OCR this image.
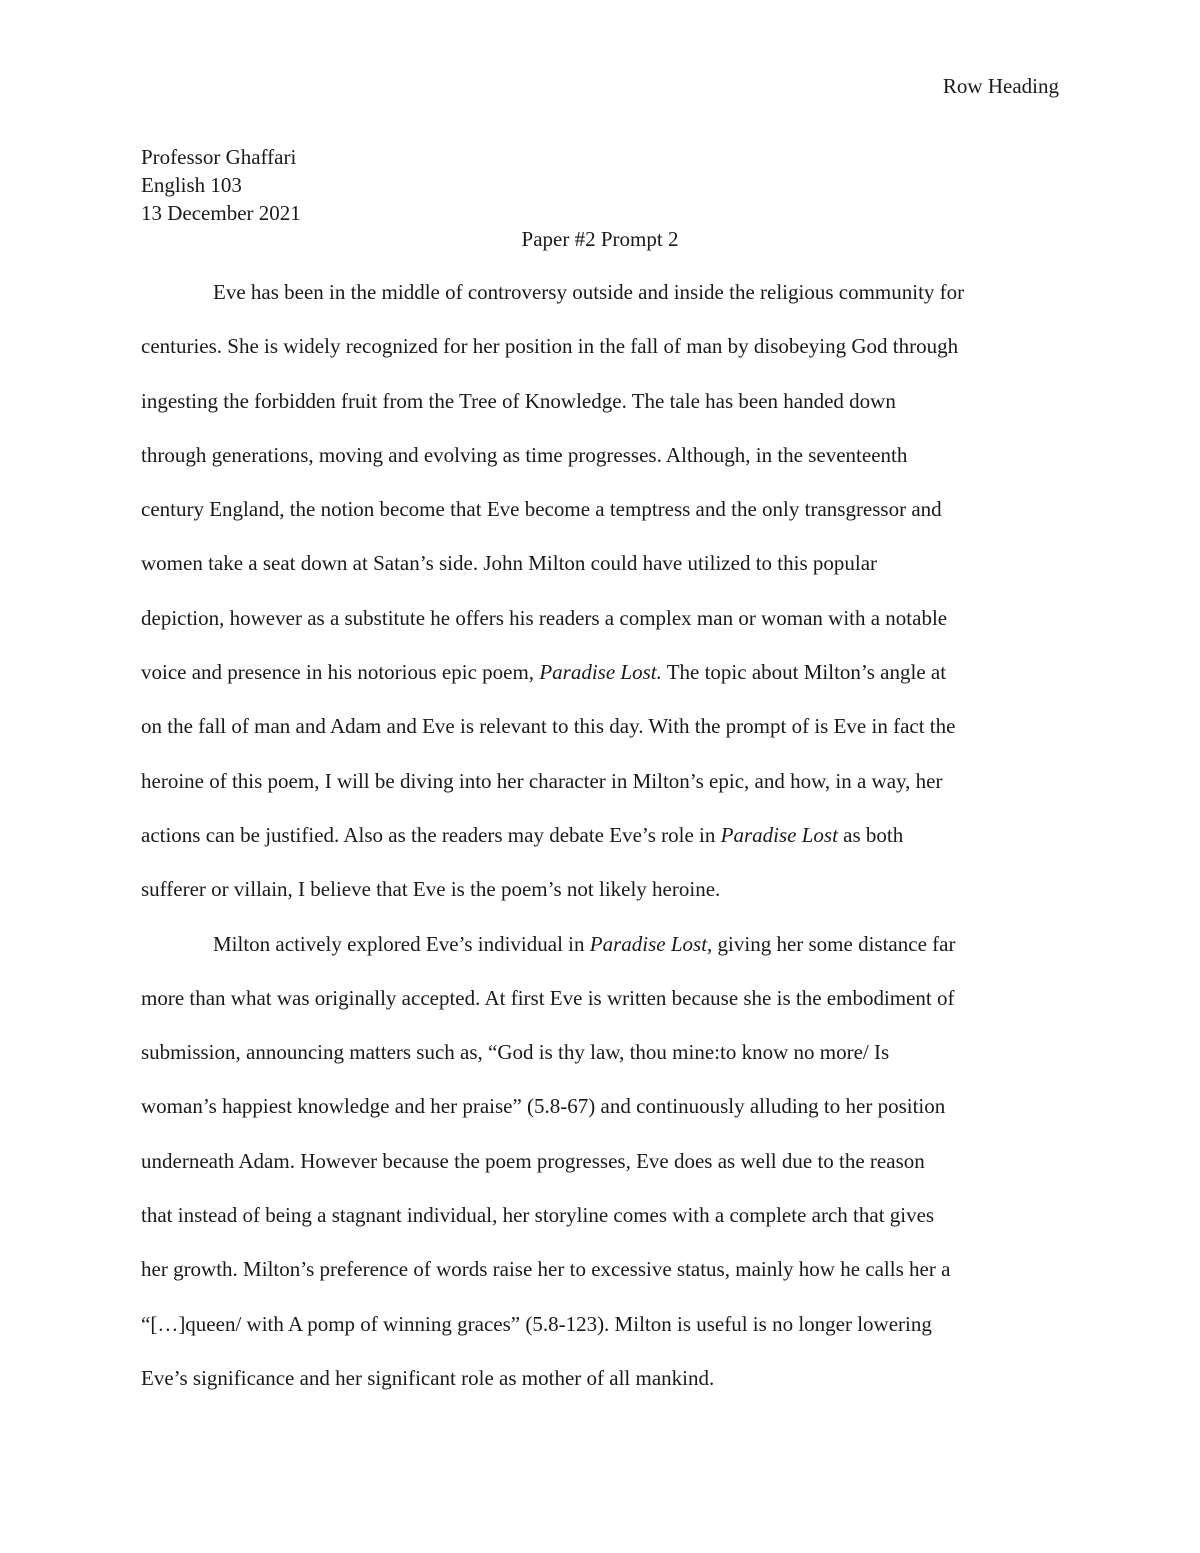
Row Heading
Professor Ghaffari
English 103
13 December 2021
Paper #2 Prompt 2
Eve has been in the middle of controversy outside and inside the religious community for
centuries. She is widely recognized for her position in the fall of man by disobeying God through
ingesting the forbidden fruit from the Tree of Knowledge. The tale has been handed down
through generations, moving and evolving as time progresses. Although, in the seventeenth
century England, the notion become that Eve become a temptress and the only transgressor and
women take a seat down at Satan’s side. John Milton could have utilized to this popular
depiction, however as a substitute he offers his readers a complex man or woman with a notable
voice and presence in his notorious epic poem, Paradise Lost. The topic about Milton’s angle at
on the fall of man and Adam and Eve is relevant to this day. With the prompt of is Eve in fact the
heroine of this poem, I will be diving into her character in Milton’s epic, and how, in a way, her
actions can be justified. Also as the readers may debate Eve’s role in Paradise Lost as both
sufferer or villain, I believe that Eve is the poem’s not likely heroine.
Milton actively explored Eve’s individual in Paradise Lost, giving her some distance far
more than what was originally accepted. At first Eve is written because she is the embodiment of
submission, announcing matters such as, “God is thy law, thou mine:to know no more/ Is
woman’s happiest knowledge and her praise” (5.8-67) and continuously alluding to her position
underneath Adam. However because the poem progresses, Eve does as well due to the reason
that instead of being a stagnant individual, her storyline comes with a complete arch that gives
her growth. Milton’s preference of words raise her to excessive status, mainly how he calls her a
“[…]queen/ with A pomp of winning graces” (5.8-123). Milton is useful is no longer lowering
Eve’s significance and her significant role as mother of all mankind.
